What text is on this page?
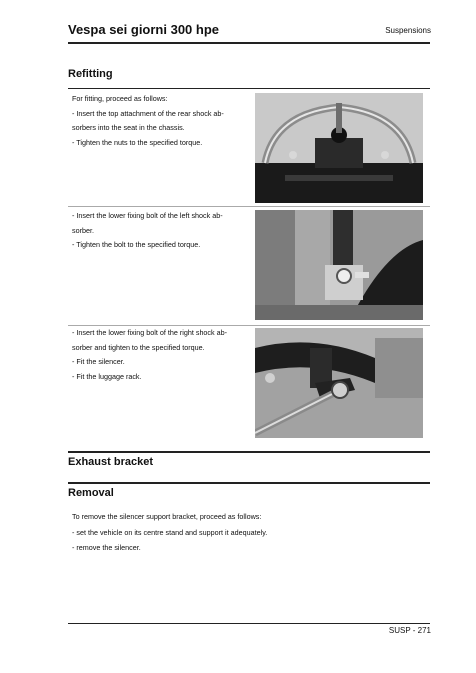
Vespa sei giorni 300 hpe	Suspensions
Refitting
For fitting, proceed as follows:
- Insert the top attachment of the rear shock ab-
sorbers into the seat in the chassis.
- Tighten the nuts to the specified torque.
- Insert the lower fixing bolt of the left shock ab-
sorber.
- Tighten the bolt to the specified torque.
- Insert the lower fixing bolt of the right shock ab-
sorber and tighten to the specified torque.
- Fit the silencer.
- Fit the luggage rack.
Exhaust bracket
Removal
To remove the silencer support bracket, proceed as follows:
- set the vehicle on its centre stand and support it adequately.
- remove the silencer.
SUSP - 271
